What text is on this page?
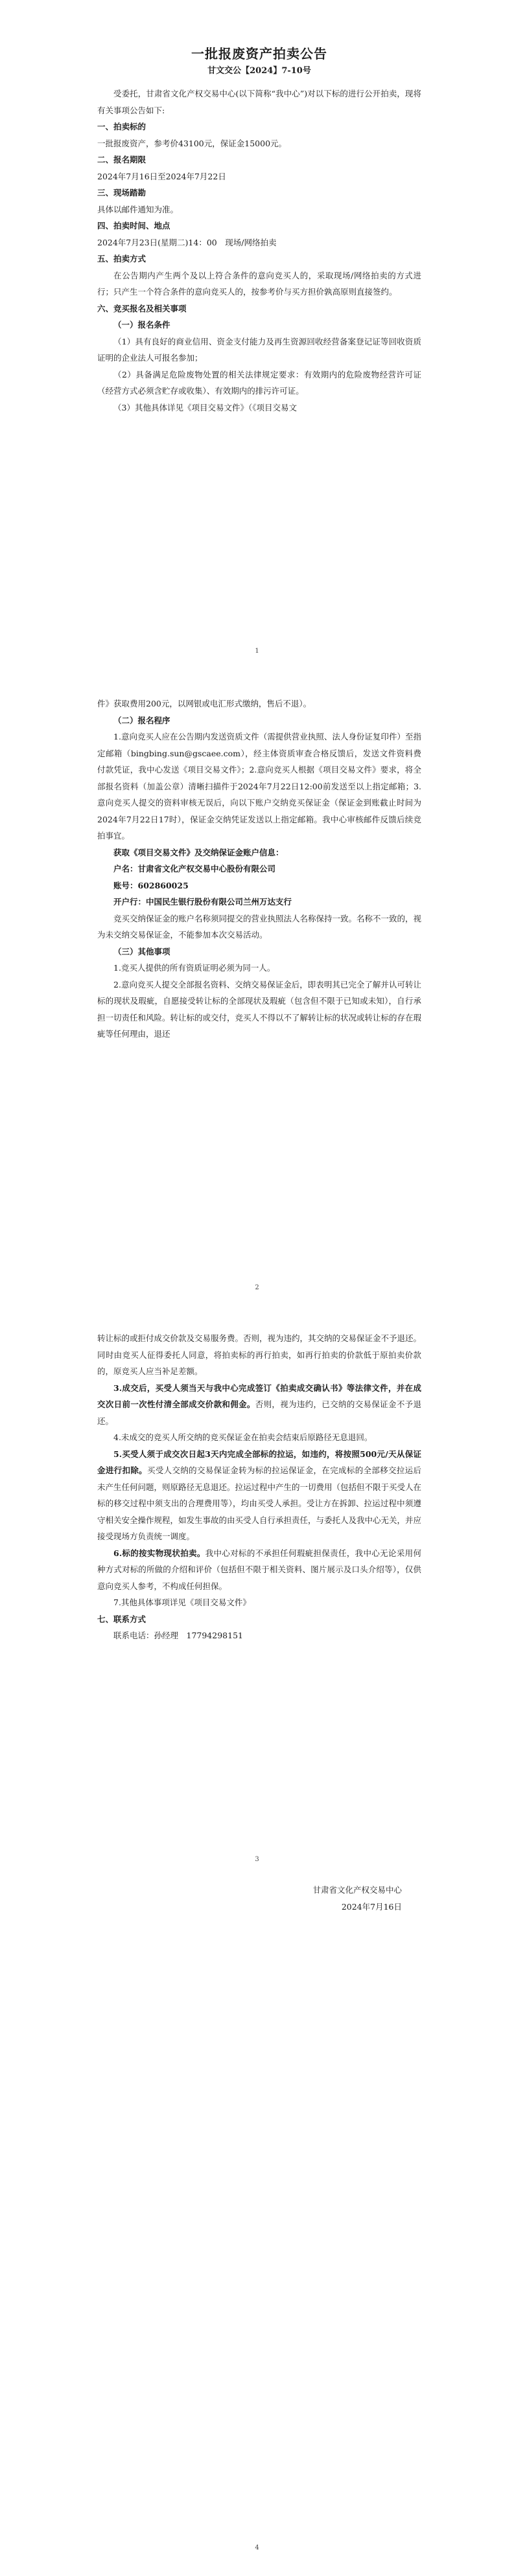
一批报废资产拍卖公告
甘文交公【2024】7-10号

受委托，甘肃省文化产权交易中心(以下简称“我中心”)对以下标的进行公开拍卖，现将有关事项公告如下:

一、拍卖标的

一批报废资产，参考价43100元，保证金15000元。

二、报名期限

2024年7月16日至2024年7月22日

三、现场踏勘

具体以邮件通知为准。

四、拍卖时间、地点

2024年7月23日(星期二)14：00　现场/网络拍卖

五、拍卖方式

在公告期内产生两个及以上符合条件的意向竞买人的，采取现场/网络拍卖的方式进行；只产生一个符合条件的意向竞买人的，按参考价与买方担价孰高原则直接签约。

六、竞买报名及相关事项

（一）报名条件

（1）具有良好的商业信用、资金支付能力及再生资源回收经营备案登记证等回收资质证明的企业法人可报名参加；

（2）具备满足危险废物处置的相关法律规定要求：有效期内的危险废物经营许可证（经营方式必须含贮存或收集）、有效期内的排污许可证。

（3）其他具体详见《项目交易文件》（《项目交易文

1

件》获取费用200元，以网银或电汇形式缴纳，售后不退）。

（二）报名程序

1.意向竞买人应在公告期内发送资质文件（需提供营业执照、法人身份证复印件）至指定邮箱（bingbing.sun@gscaee.com），经主体资质审查合格反馈后，发送文件资料费付款凭证，我中心发送《项目交易文件》；2.意向竞买人根据《项目交易文件》要求，将全部报名资料（加盖公章）清晰扫描件于2024年7月22日12:00前发送至以上指定邮箱；3.意向竞买人提交的资料审核无误后，向以下账户交纳竞买保证金（保证金到账截止时间为2024年7月22日17时），保证金交纳凭证发送以上指定邮箱。我中心审核邮件反馈后续竞拍事宜。

获取《项目交易文件》及交纳保证金账户信息：

户名：甘肃省文化产权交易中心股份有限公司

账号：602860025

开户行：中国民生银行股份有限公司兰州万达支行

竞买交纳保证金的账户名称须同提交的营业执照法人名称保持一致。名称不一致的，视为未交纳交易保证金，不能参加本次交易活动。

（三）其他事项

1.竞买人提供的所有资质证明必须为同一人。

2.意向竞买人提交全部报名资料、交纳交易保证金后，即表明其已完全了解并认可转让标的现状及瑕疵，自愿接受转让标的全部现状及瑕疵（包含但不限于已知或未知），自行承担一切责任和风险。转让标的或交付，竞买人不得以不了解转让标的状况或转让标的存在瑕疵等任何理由，退还

2

转让标的或拒付成交价款及交易服务费。否则，视为违约，其交纳的交易保证金不予退还。同时由竞买人征得委托人同意，将拍卖标的再行拍卖，如再行拍卖的价款低于原拍卖价款的，原竞买人应当补足差额。

3.成交后，买受人须当天与我中心完成签订《拍卖成交确认书》等法律文件，并在成交次日前一次性付清全部成交价款和佣金。否则，视为违约，已交纳的交易保证金不予退还。

4.未成交的竞买人所交纳的竞买保证金在拍卖会结束后原路径无息退回。

5.买受人须于成交次日起3天内完成全部标的拉运，如违约，将按照500元/天从保证金进行扣除。买受人交纳的交易保证金转为标的拉运保证金，在完成标的全部移交拉运后未产生任何问题，则原路径无息退还。拉运过程中产生的一切费用（包括但不限于买受人在标的移交过程中须支出的合理费用等），均由买受人承担。受让方在拆卸、拉运过程中须遵守相关安全操作规程，如发生事故的由买受人自行承担责任，与委托人及我中心无关，并应接受现场方负责统一调度。

6.标的按实物现状拍卖。我中心对标的不承担任何瑕疵担保责任，我中心无论采用何种方式对标的所做的介绍和评价（包括但不限于相关资料、图片展示及口头介绍等），仅供意向竞买人参考，不构成任何担保。

7.其他具体事项详见《项目交易文件》

七、联系方式

联系电话：孙经理　17794298151

3

甘肃省文化产权交易中心

2024年7月16日

4
